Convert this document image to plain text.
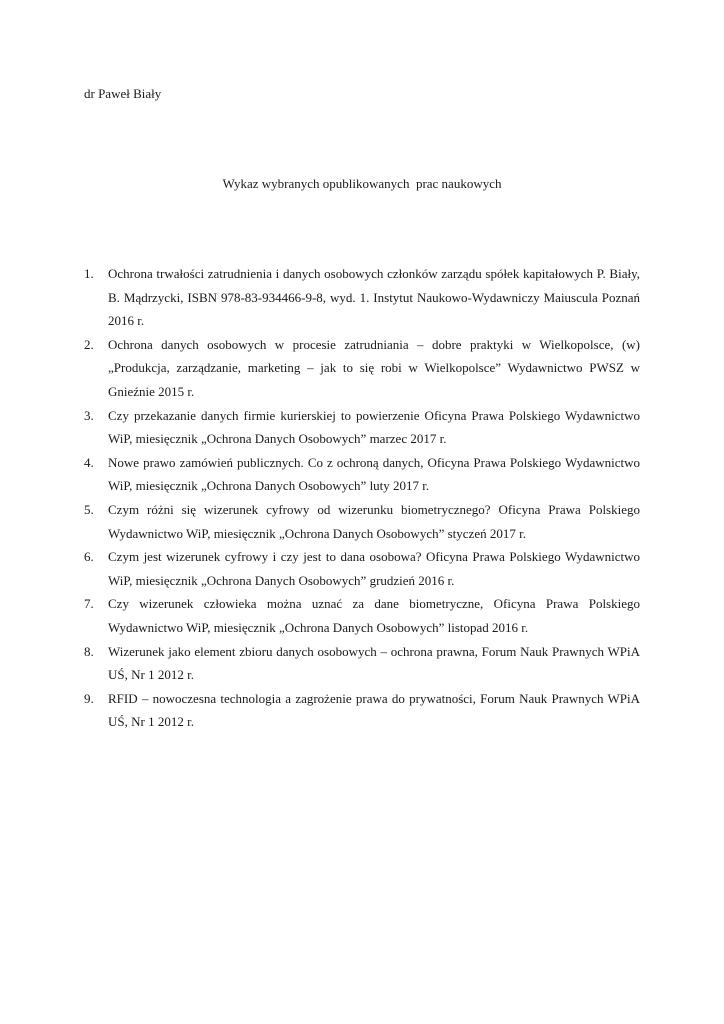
dr Paweł Biały
Wykaz wybranych opublikowanych  prac naukowych
1. Ochrona trwałości zatrudnienia i danych osobowych członków zarządu spółek kapitałowych P. Biały, B. Mądrzycki, ISBN 978-83-934466-9-8, wyd. 1. Instytut Naukowo-Wydawniczy Maiuscula Poznań 2016 r.
2. Ochrona danych osobowych w procesie zatrudniania – dobre praktyki w Wielkopolsce, (w) „Produkcja, zarządzanie, marketing – jak to się robi w Wielkopolsce” Wydawnictwo PWSZ w Gnieźnie 2015 r.
3. Czy przekazanie danych firmie kurierskiej to powierzenie Oficyna Prawa Polskiego Wydawnictwo WiP, miesięcznik „Ochrona Danych Osobowych” marzec 2017 r.
4. Nowe prawo zamówień publicznych. Co z ochroną danych, Oficyna Prawa Polskiego Wydawnictwo WiP, miesięcznik „Ochrona Danych Osobowych” luty 2017 r.
5. Czym różni się wizerunek cyfrowy od wizerunku biometrycznego? Oficyna Prawa Polskiego Wydawnictwo WiP, miesięcznik „Ochrona Danych Osobowych” styczeń 2017 r.
6. Czym jest wizerunek cyfrowy i czy jest to dana osobowa? Oficyna Prawa Polskiego Wydawnictwo WiP, miesięcznik „Ochrona Danych Osobowych” grudzień 2016 r.
7. Czy wizerunek człowieka można uznać za dane biometryczne, Oficyna Prawa Polskiego Wydawnictwo WiP, miesięcznik „Ochrona Danych Osobowych” listopad 2016 r.
8. Wizerunek jako element zbioru danych osobowych – ochrona prawna, Forum Nauk Prawnych WPiA UŚ, Nr 1 2012 r.
9. RFID – nowoczesna technologia a zagrożenie prawa do prywatności, Forum Nauk Prawnych WPiA UŚ, Nr 1 2012 r.
